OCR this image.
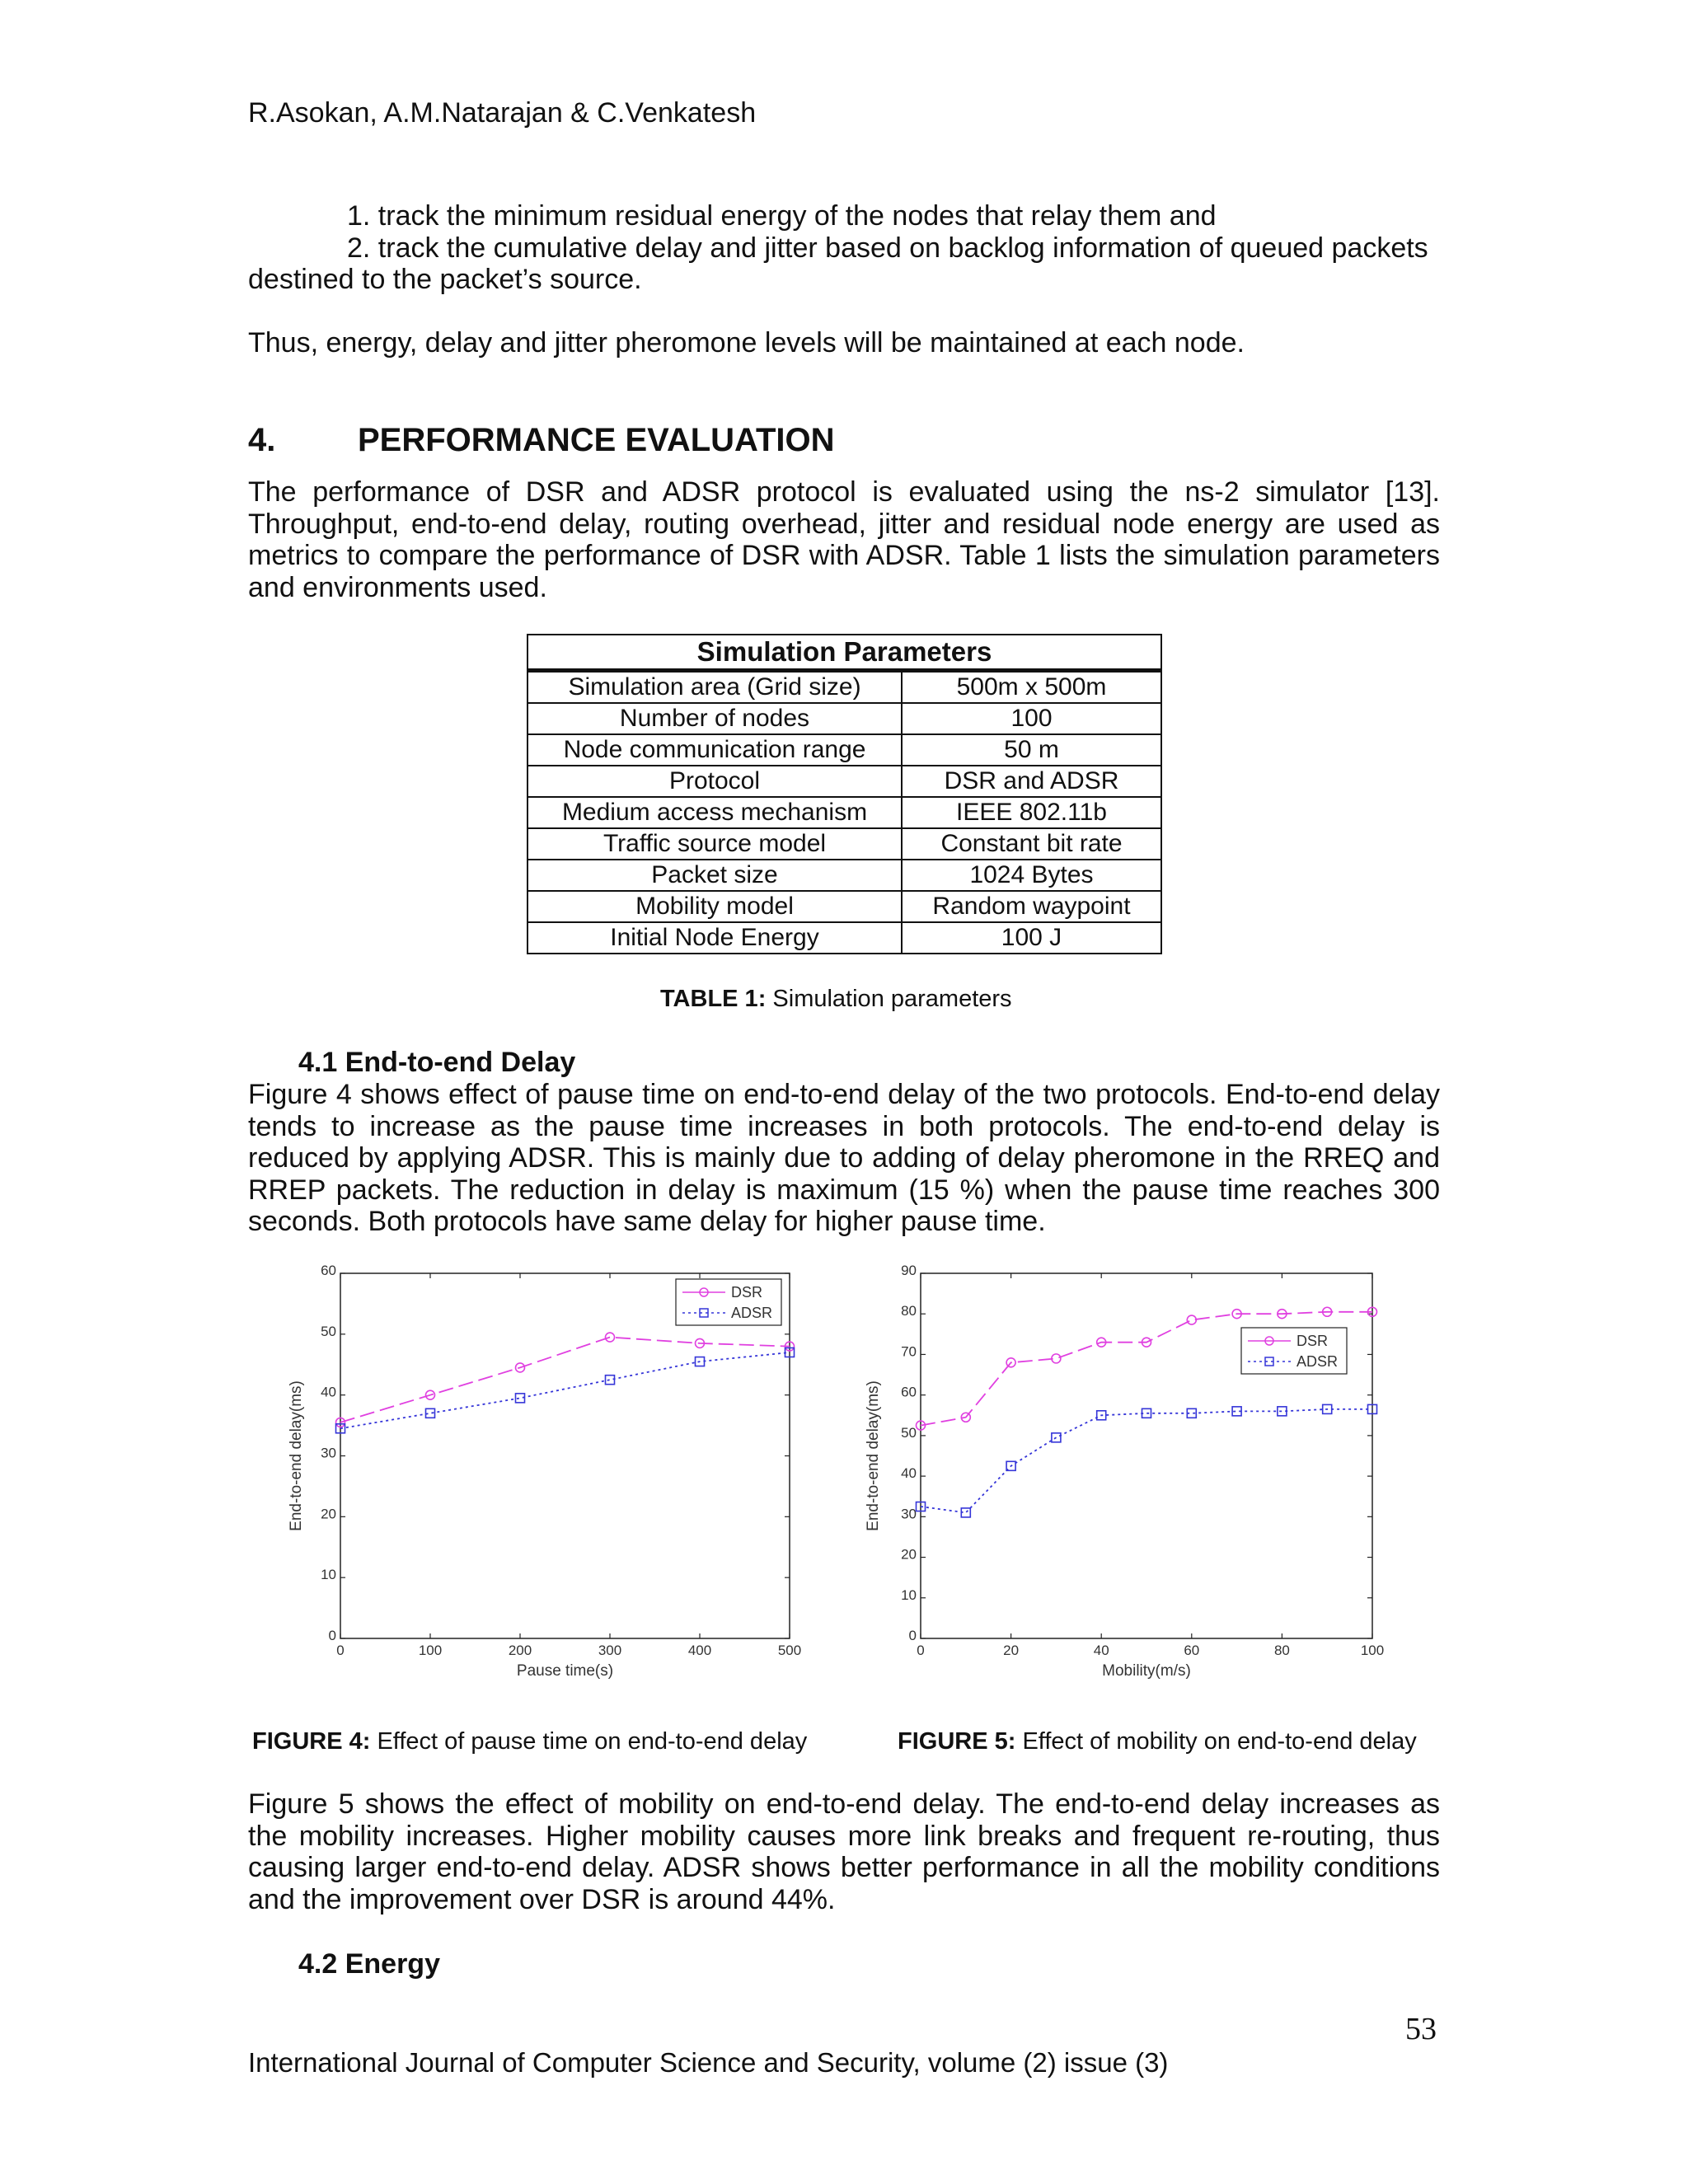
R.Asokan, A.M.Natarajan & C.Venkatesh
1. track the minimum residual energy of the nodes that relay them and
2. track the cumulative delay and jitter based on backlog information of queued packets
destined to the packet’s source.
Thus, energy, delay and jitter pheromone levels will be maintained at each node.
4. PERFORMANCE EVALUATION

The performance of DSR and ADSR protocol is evaluated using the ns-2 simulator [13]. Throughput, end-to-end delay, routing overhead, jitter and residual node energy are used as metrics to compare the performance of DSR with ADSR. Table 1 lists the simulation parameters and environments used.

Simulation Parameters	
Simulation area (Grid size)	500m x 500m
Number of nodes	100
Node communication range	50 m
Protocol	DSR and ADSR
Medium access mechanism	IEEE 802.11b
Traffic source model	Constant bit rate
Packet size	1024 Bytes
Mobility model	Random waypoint
Initial Node Energy	100 J
TABLE 1: Simulation parameters
4.1 End-to-end Delay

Figure 4 shows effect of pause time on end-to-end delay of the two protocols. End-to-end delay tends to increase as the pause time increases in both protocols. The end-to-end delay is reduced by applying ADSR. This is mainly due to adding of delay pheromone in the RREQ and RREP packets. The reduction in delay is maximum (15 %) when the pause time reaches 300 seconds. Both protocols have same delay for higher pause time.

0	100	200	300	400	500
0
10
20
30
40
50
60
Pause time(s)
End-to-end delay(ms)
DSR
ADSR
0	20	40	60	80	100
0
10
20
30
40
50
60
70
80
90
Mobility(m/s)
End-to-end delay(ms)
DSR
ADSR
FIGURE 4: Effect of pause time on end-to-end delay	FIGURE 5: Effect of mobility on end-to-end delay

Figure 5 shows the effect of mobility on end-to-end delay. The end-to-end delay increases as the mobility increases. Higher mobility causes more link breaks and frequent re-routing, thus causing larger end-to-end delay. ADSR shows better performance in all the mobility conditions and the improvement over DSR is around 44%.

4.2 Energy
53
International Journal of Computer Science and Security, volume (2) issue (3)
